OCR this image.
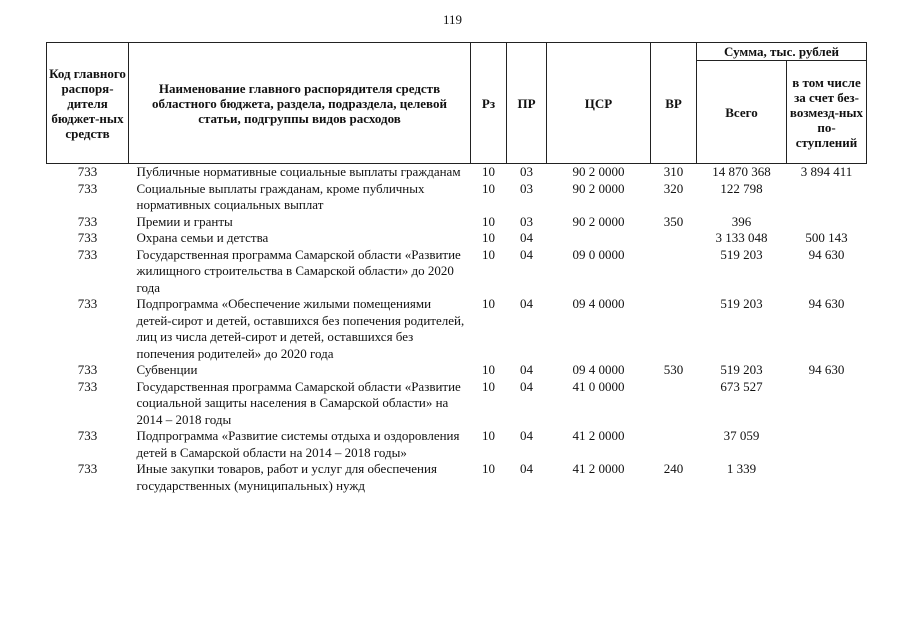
119
Код главного распоря-дителя бюджет-ных средств	Наименование главного распорядителя средств областного бюджета, раздела, подраздела, целевой статьи, подгруппы видов расходов	Рз	ПР	ЦСР	ВР	Сумма, тыс. рублей	
						Всего	в том числе за счет без-возмезд-ных по-ступлений
733	Публичные нормативные социальные выплаты гражданам	10	03	90 2 0000	310	14 870 368	3 894 411
733	Социальные выплаты гражданам, кроме публичных нормативных социальных выплат	10	03	90 2 0000	320	122 798	
733	Премии и гранты	10	03	90 2 0000	350	396	
733	Охрана семьи и детства	10	04			3 133 048	500 143
733	Государственная программа Самарской области «Развитие жилищного строительства в Самарской области» до 2020 года	10	04	09 0 0000		519 203	94 630
733	Подпрограмма «Обеспечение жилыми помещениями детей-сирот и детей, оставшихся без попечения родителей, лиц из числа детей-сирот и детей, оставшихся без попечения родителей» до 2020 года	10	04	09 4 0000		519 203	94 630
733	Субвенции	10	04	09 4 0000	530	519 203	94 630
733	Государственная программа Самарской области «Развитие социальной защиты населения в Самарской области» на 2014 – 2018 годы	10	04	41 0 0000		673 527	
733	Подпрограмма «Развитие системы отдыха и оздоровления детей в Самарской области на 2014 – 2018 годы»	10	04	41 2 0000		37 059	
733	Иные закупки товаров, работ и услуг для обеспечения государственных (муниципальных) нужд	10	04	41 2 0000	240	1 339	
